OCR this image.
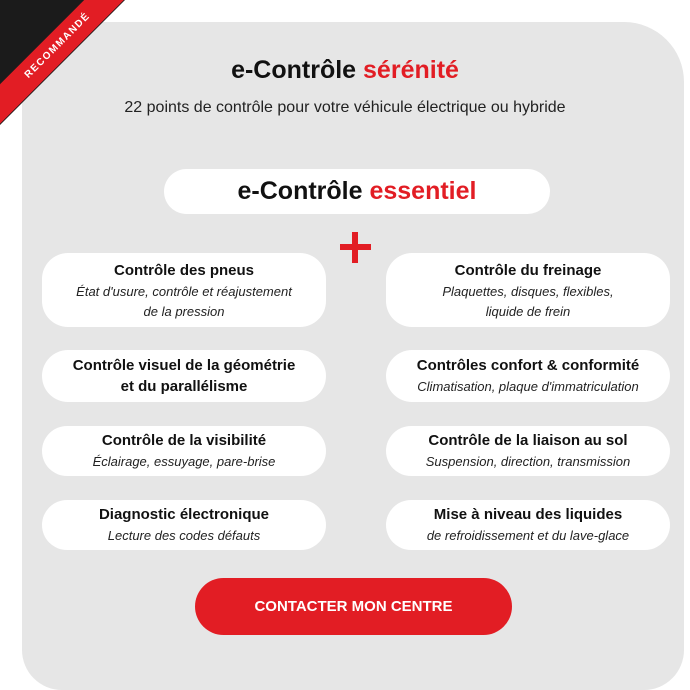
RECOMMANDÉ	e-Contrôle sérénité
22 points de contrôle pour votre véhicule électrique ou hybride
e-Contrôle essentiel
Contrôle des pneus
État d'usure, contrôle et réajustement
de la pression
Contrôle visuel de la géométrie
et du parallélisme
Contrôle de la visibilité
Éclairage, essuyage, pare-brise
Diagnostic électronique
Lecture des codes défauts
Contrôle du freinage
Plaquettes, disques, flexibles,
liquide de frein
Contrôles confort & conformité
Climatisation, plaque d'immatriculation
Contrôle de la liaison au sol
Suspension, direction, transmission
Mise à niveau des liquides
de refroidissement et du lave-glace
CONTACTER MON CENTRE
